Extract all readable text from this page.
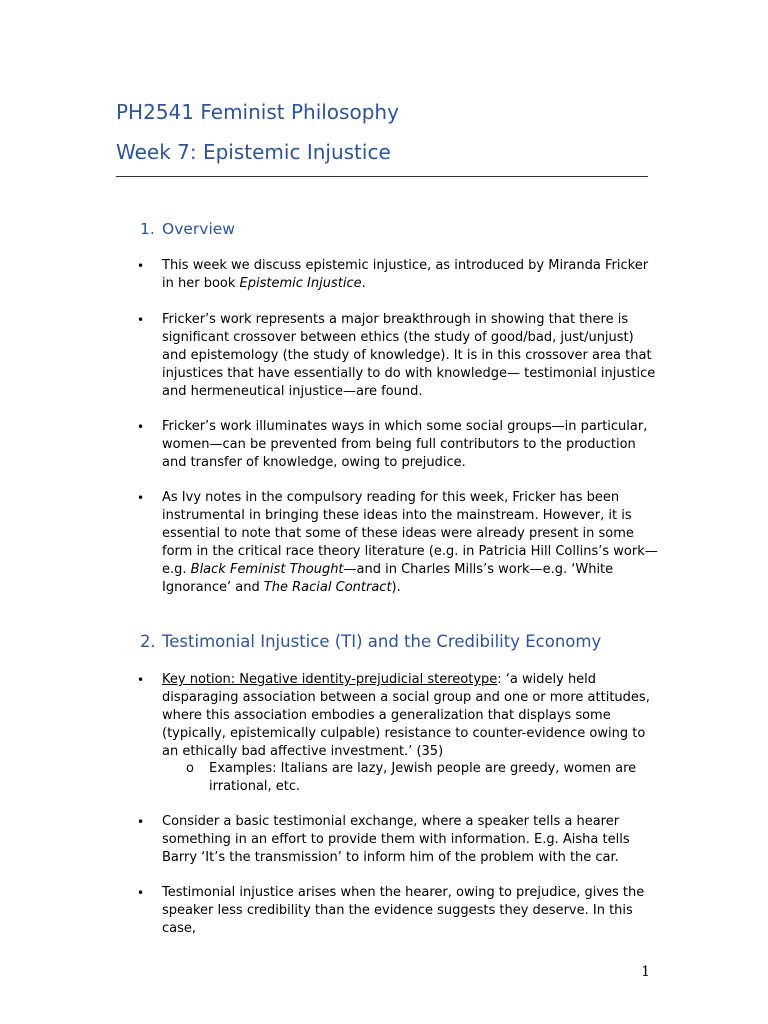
PH2541 Feminist Philosophy
Week 7: Epistemic Injustice
1. Overview
• This week we discuss epistemic injustice, as introduced by Miranda Fricker in her book Epistemic Injustice.
• Fricker’s work represents a major breakthrough in showing that there is significant crossover between ethics (the study of good/bad, just/unjust) and epistemology (the study of knowledge). It is in this crossover area that injustices that have essentially to do with knowledge— testimonial injustice and hermeneutical injustice—are found.
• Fricker’s work illuminates ways in which some social groups—in particular, women—can be prevented from being full contributors to the production and transfer of knowledge, owing to prejudice.
• As Ivy notes in the compulsory reading for this week, Fricker has been instrumental in bringing these ideas into the mainstream. However, it is essential to note that some of these ideas were already present in some form in the critical race theory literature (e.g. in Patricia Hill Collins’s work—e.g. Black Feminist Thought—and in Charles Mills’s work—e.g. ‘White Ignorance’ and The Racial Contract).
2. Testimonial Injustice (TI) and the Credibility Economy
• Key notion: Negative identity-prejudicial stereotype: ‘a widely held disparaging association between a social group and one or more attitudes, where this association embodies a generalization that displays some (typically, epistemically culpable) resistance to counter-evidence owing to an ethically bad affective investment.’ (35)
o Examples: Italians are lazy, Jewish people are greedy, women are irrational, etc.
• Consider a basic testimonial exchange, where a speaker tells a hearer something in an effort to provide them with information. E.g. Aisha tells Barry ‘It’s the transmission’ to inform him of the problem with the car.
• Testimonial injustice arises when the hearer, owing to prejudice, gives the speaker less credibility than the evidence suggests they deserve. In this case,
1
